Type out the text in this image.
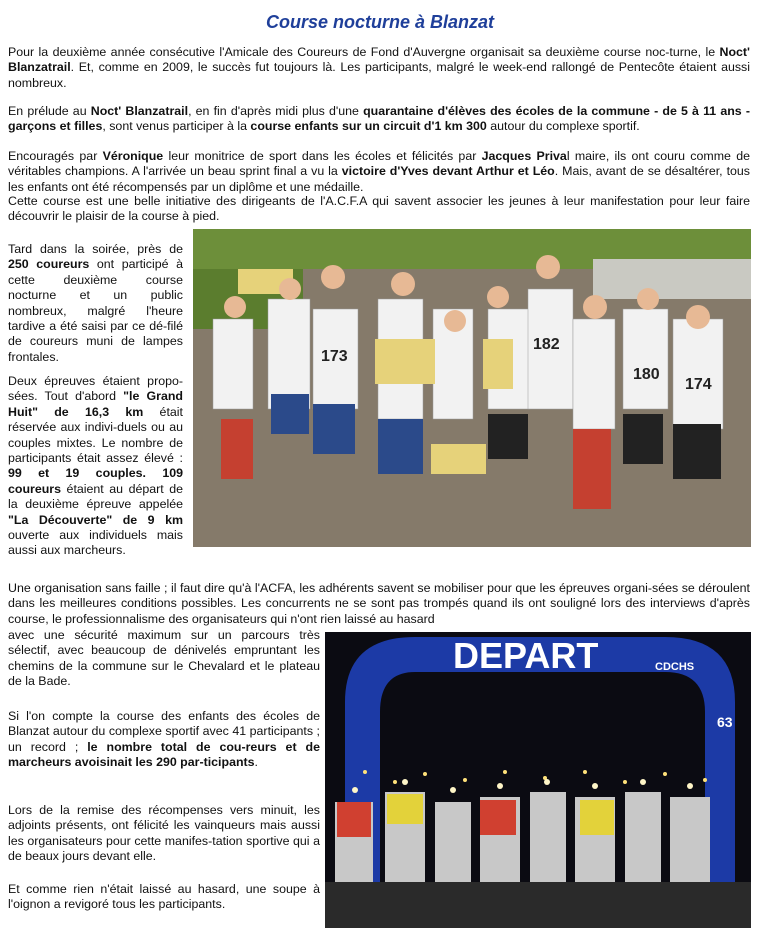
Course nocturne à Blanzat

Pour la deuxième année consécutive l'Amicale des Coureurs de Fond d'Auvergne organisait sa deuxième course noc-turne, le Noct' Blanzatrail. Et, comme en 2009, le succès fut toujours là. Les participants, malgré le week-end rallongé de Pentecôte étaient aussi nombreux.

En prélude au Noct' Blanzatrail, en fin d'après midi plus d'une quarantaine d'élèves des écoles de la commune - de 5 à 11 ans - garçons et filles, sont venus participer à la course enfants sur un circuit d'1 km 300 autour du complexe sportif.

Encouragés par Véronique leur monitrice de sport dans les écoles et félicités par Jacques Prival maire, ils ont couru comme de véritables champions. A l'arrivée un beau sprint final a vu la victoire d'Yves devant Arthur et Léo. Mais, avant de se désaltérer, tous les enfants ont été récompensés par un diplôme et une médaille.

Cette course est une belle initiative des dirigeants de l'A.C.F.A qui savent associer les jeunes à leur manifestation pour leur faire découvrir le plaisir de la course à pied.

Tard dans la soirée, près de 250 coureurs ont participé à cette deuxième course nocturne et un public nombreux, malgré l'heure tardive a été saisi par ce dé-filé de coureurs muni de lampes frontales.

Deux épreuves étaient propo-sées. Tout d'abord "le Grand Huit" de 16,3 km était réservée aux indivi-duels ou au couples mixtes. Le nombre de participants était assez élevé : 99 et 19 couples. 109 coureurs étaient au départ de la deuxième épreuve appelée "La Découverte" de 9 km ouverte aux individuels mais aussi aux marcheurs.

173
182
180
174

Une organisation sans faille ; il faut dire qu'à l'ACFA, les adhérents savent se mobiliser pour que les épreuves organi-sées se déroulent dans les meilleures conditions possibles. Les concurrents ne se sont pas trompés quand ils ont souligné lors des interviews d'après course, le professionnalisme des organisateurs qui n'ont rien laissé au hasard

avec une sécurité maximum sur un parcours très sélectif, avec beaucoup de dénivelés empruntant les chemins de la commune sur le Chevalard et le plateau de la Bade.

Si l'on compte la course des enfants des écoles de Blanzat autour du complexe sportif avec 41 participants ; un record ; le nombre total de cou-reurs et de marcheurs avoisinait les 290 par-ticipants.

Lors de la remise des récompenses vers minuit, les adjoints présents, ont félicité les vainqueurs mais aussi les organisateurs pour cette manifes-tation sportive qui a de beaux jours devant elle.

Et comme rien n'était laissé au hasard, une soupe à l'oignon a revigoré tous les participants.

DEPART	CDCHS
63
